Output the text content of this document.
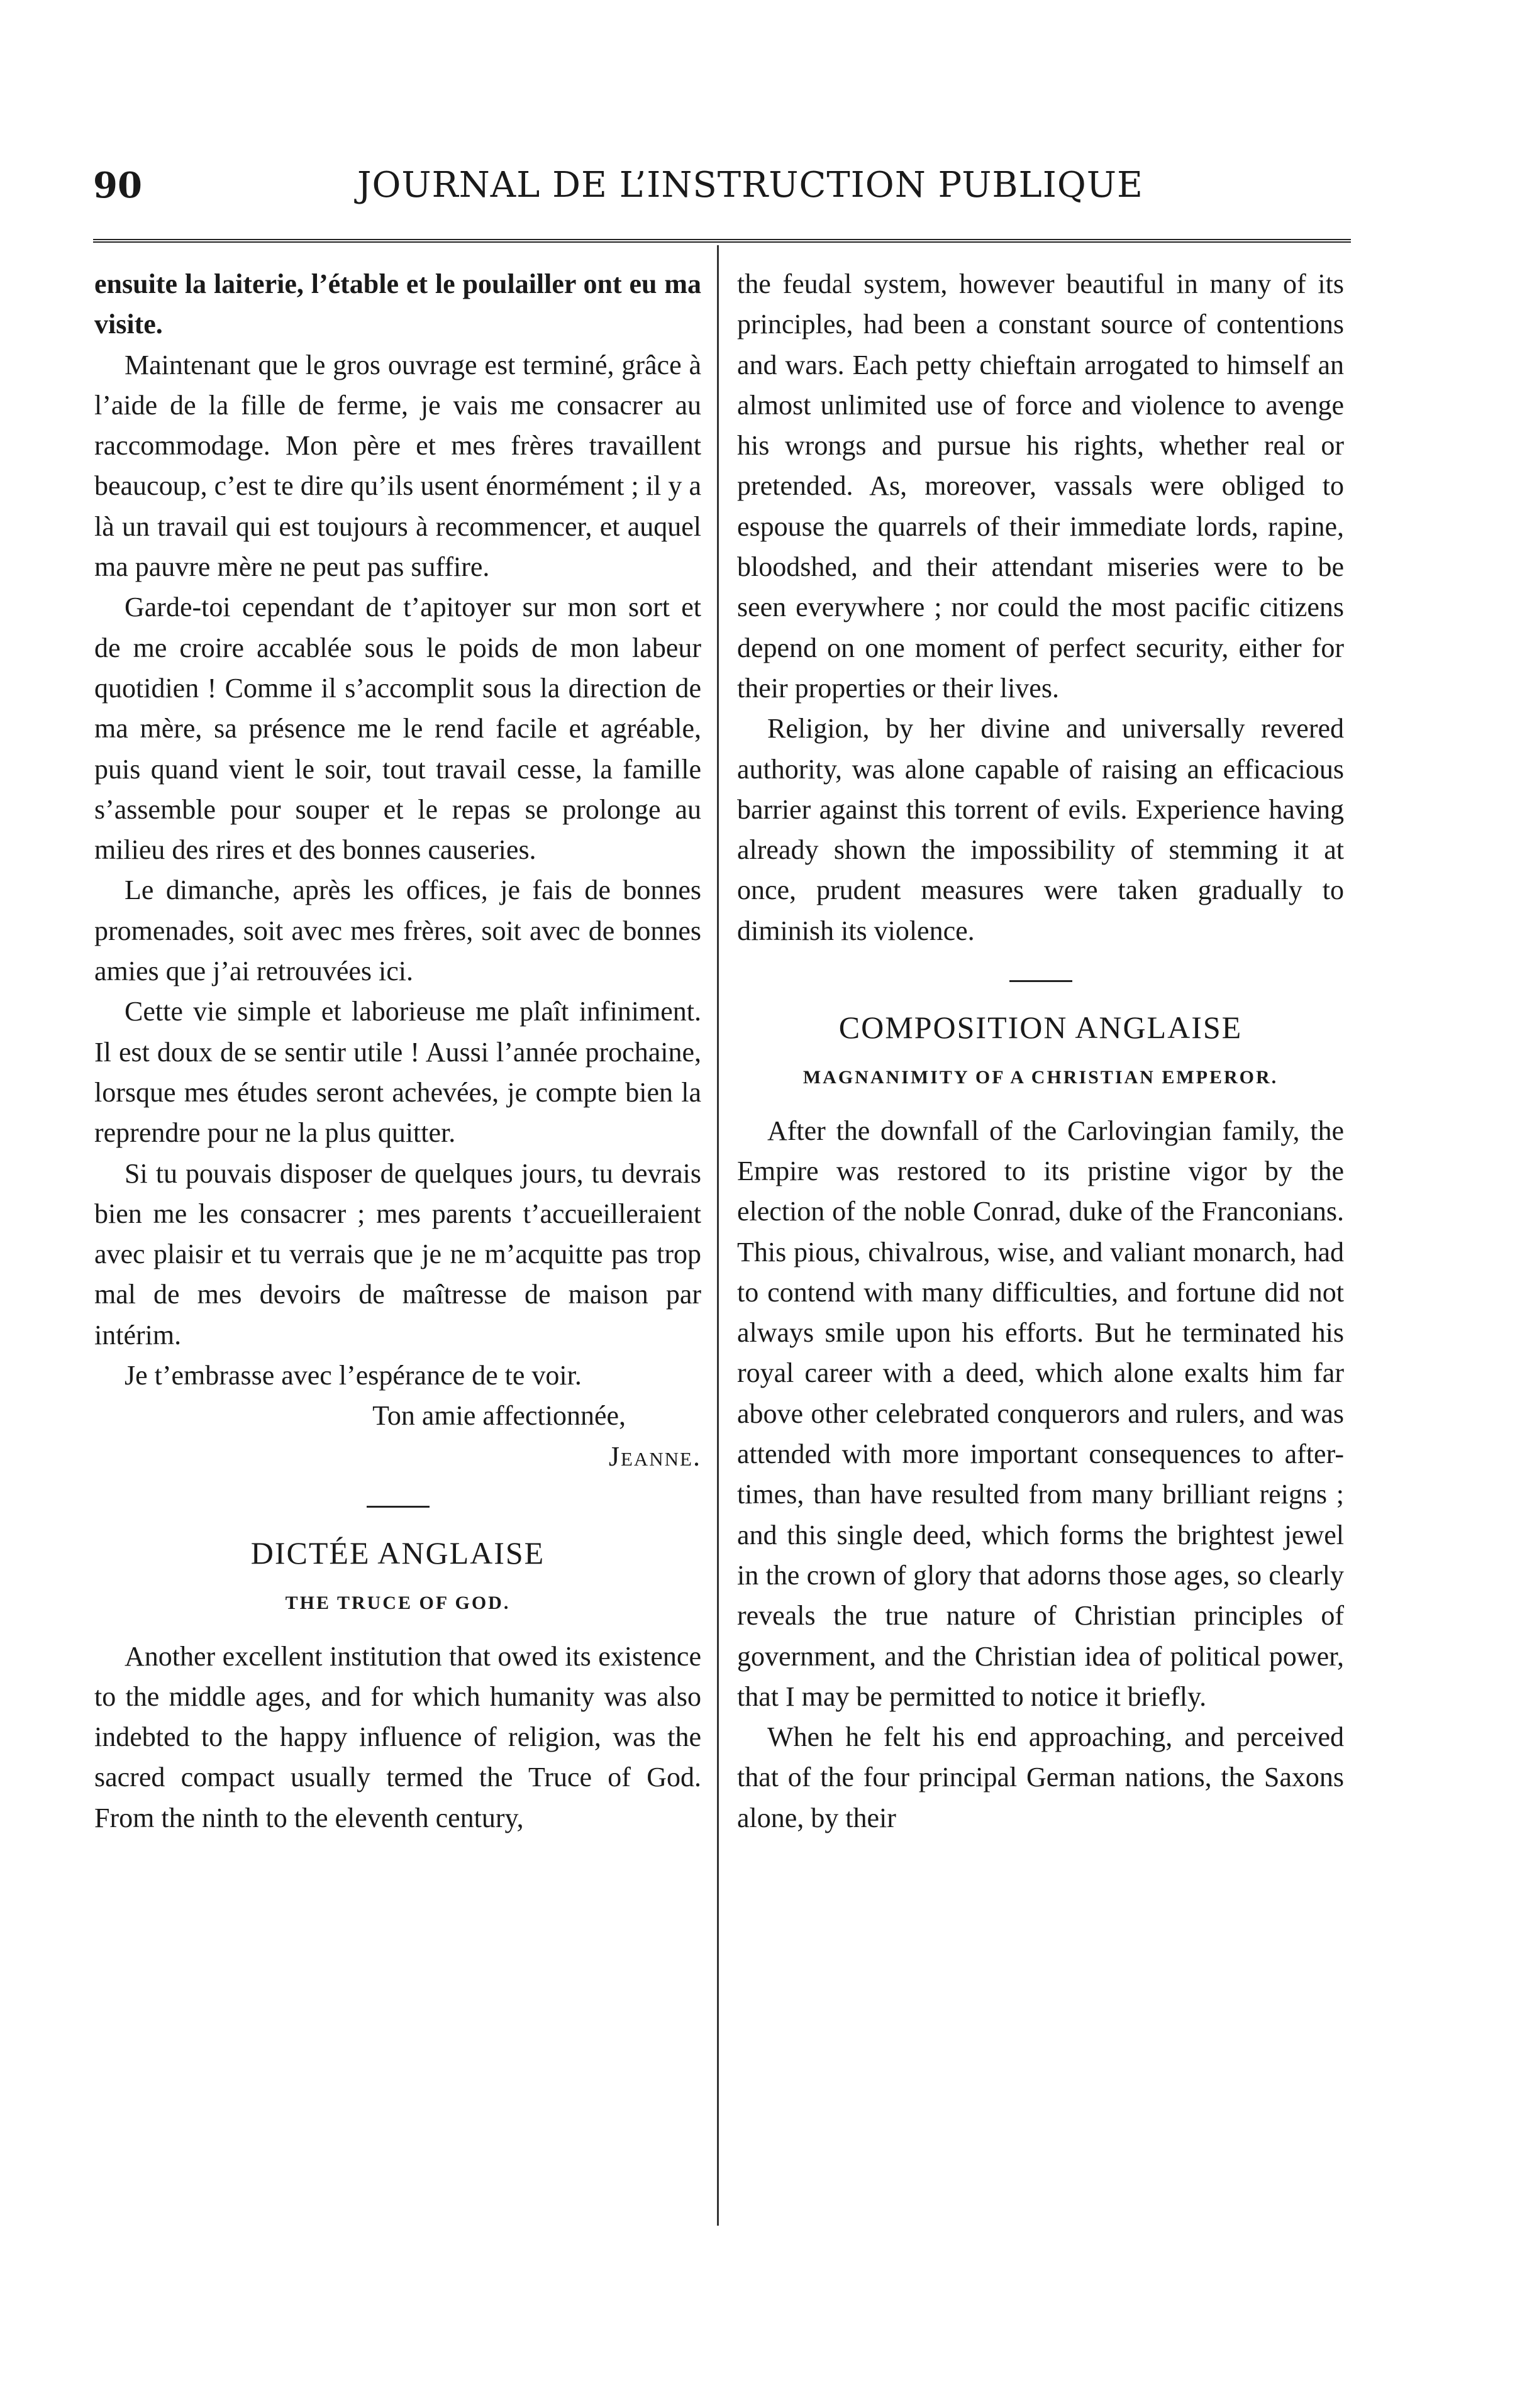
90	JOURNAL DE L’INSTRUCTION PUBLIQUE

ensuite la laiterie, l’étable et le poulailler ont eu ma visite.

Maintenant que le gros ouvrage est terminé, grâce à l’aide de la fille de ferme, je vais me consacrer au raccommodage. Mon père et mes frères travaillent beaucoup, c’est te dire qu’ils usent énormément ; il y a là un travail qui est toujours à recommencer, et auquel ma pauvre mère ne peut pas suffire.

Garde-toi cependant de t’apitoyer sur mon sort et de me croire accablée sous le poids de mon labeur quotidien ! Comme il s’accomplit sous la direction de ma mère, sa présence me le rend facile et agréable, puis quand vient le soir, tout travail cesse, la famille s’assemble pour souper et le repas se prolonge au milieu des rires et des bonnes causeries.

Le dimanche, après les offices, je fais de bonnes promenades, soit avec mes frères, soit avec de bonnes amies que j’ai retrouvées ici.

Cette vie simple et laborieuse me plaît infiniment. Il est doux de se sentir utile ! Aussi l’année prochaine, lorsque mes études seront achevées, je compte bien la reprendre pour ne la plus quitter.

Si tu pouvais disposer de quelques jours, tu devrais bien me les consacrer ; mes parents t’accueilleraient avec plaisir et tu verrais que je ne m’acquitte pas trop mal de mes devoirs de maîtresse de maison par intérim.

Je t’embrasse avec l’espérance de te voir.

Ton amie affectionnée,

Jeanne.

DICTÉE ANGLAISE

THE TRUCE OF GOD.

Another excellent institution that owed its existence to the middle ages, and for which humanity was also indebted to the happy influence of religion, was the sacred compact usually termed the Truce of God. From the ninth to the eleventh century,

the feudal system, however beautiful in many of its principles, had been a constant source of contentions and wars. Each petty chieftain arrogated to himself an almost unlimited use of force and violence to avenge his wrongs and pursue his rights, whether real or pretended. As, moreover, vassals were obliged to espouse the quarrels of their immediate lords, rapine, bloodshed, and their attendant miseries were to be seen everywhere ; nor could the most pacific citizens depend on one moment of perfect security, either for their properties or their lives.

Religion, by her divine and universally revered authority, was alone capable of raising an efficacious barrier against this torrent of evils. Experience having already shown the impossibility of stemming it at once, prudent measures were taken gradually to diminish its violence.

COMPOSITION ANGLAISE

MAGNANIMITY OF A CHRISTIAN EMPEROR.

After the downfall of the Carlovingian family, the Empire was restored to its pristine vigor by the election of the noble Conrad, duke of the Franconians. This pious, chivalrous, wise, and valiant monarch, had to contend with many difficulties, and fortune did not always smile upon his efforts. But he terminated his royal career with a deed, which alone exalts him far above other celebrated conquerors and rulers, and was attended with more important consequences to after-times, than have resulted from many brilliant reigns ; and this single deed, which forms the brightest jewel in the crown of glory that adorns those ages, so clearly reveals the true nature of Christian principles of government, and the Christian idea of political power, that I may be permitted to notice it briefly.

When he felt his end approaching, and perceived that of the four principal German nations, the Saxons alone, by their
